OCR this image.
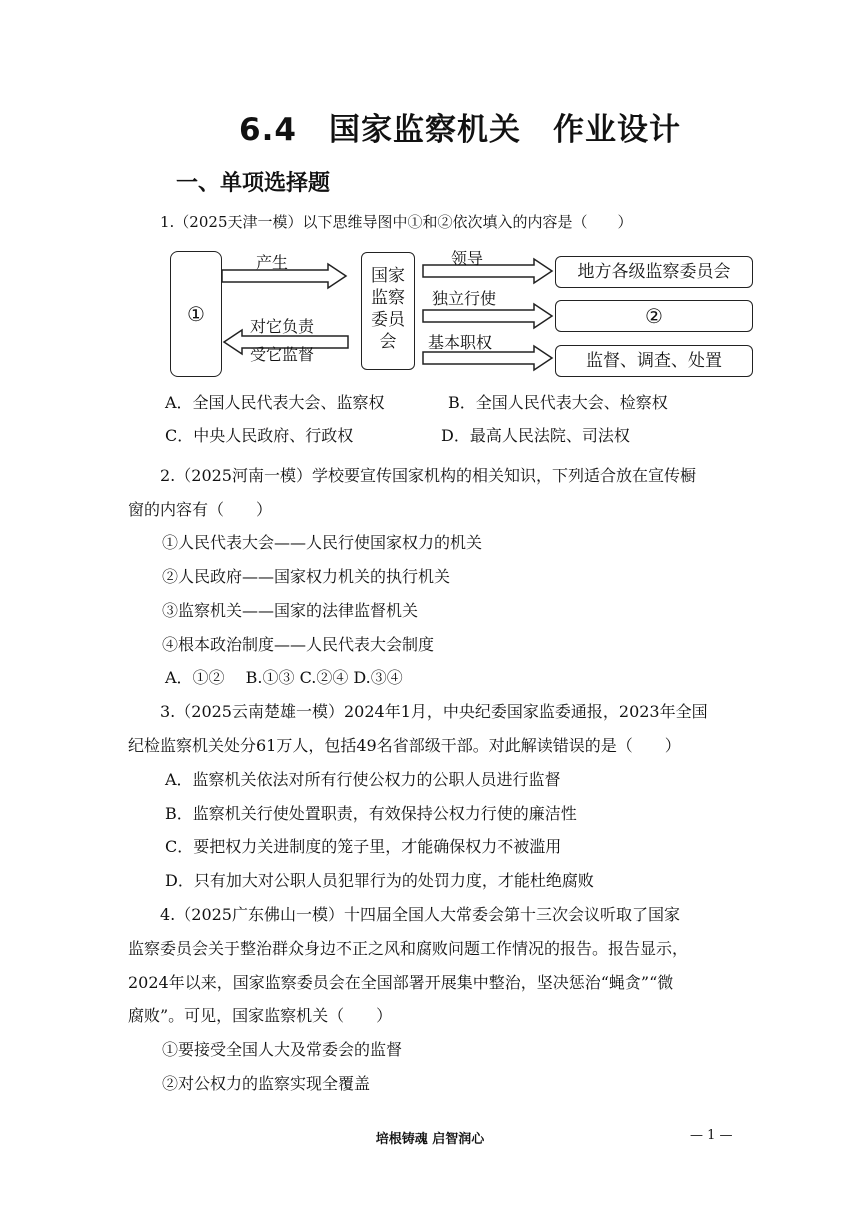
6.4　国家监察机关　作业设计
一、单项选择题
1.（2025天津一模）以下思维导图中①和②依次填入的内容是（　　）
①
产生
对它负责
受它监督
国家
监察
委员
会
领导
独立行使
基本职权
地方各级监察委员会
②
监督、调查、处置
A．全国人民代表大会、监察权	B．全国人民代表大会、检察权
C．中央人民政府、行政权	D．最高人民法院、司法权
2.（2025河南一模）学校要宣传国家机构的相关知识，下列适合放在宣传橱
窗的内容有（　　）
①人民代表大会——人民行使国家权力的机关
②人民政府——国家权力机关的执行机关
③监察机关——国家的法律监督机关
④根本政治制度——人民代表大会制度
A．①②　 B.①③ C.②④ D.③④
3.（2025云南楚雄一模）2024年1月，中央纪委国家监委通报，2023年全国
纪检监察机关处分61万人，包括49名省部级干部。对此解读错误的是（　　）
A．监察机关依法对所有行使公权力的公职人员进行监督
B．监察机关行使处置职责，有效保持公权力行使的廉洁性
C．要把权力关进制度的笼子里，才能确保权力不被滥用
D．只有加大对公职人员犯罪行为的处罚力度，才能杜绝腐败
4.（2025广东佛山一模）十四届全国人大常委会第十三次会议听取了国家
监察委员会关于整治群众身边不正之风和腐败问题工作情况的报告。报告显示，
2024年以来，国家监察委员会在全国部署开展集中整治，坚决惩治“蝇贪”“微
腐败”。可见，国家监察机关（　　）
①要接受全国人大及常委会的监督
②对公权力的监察实现全覆盖
培根铸魂 启智润心	— 1 —
